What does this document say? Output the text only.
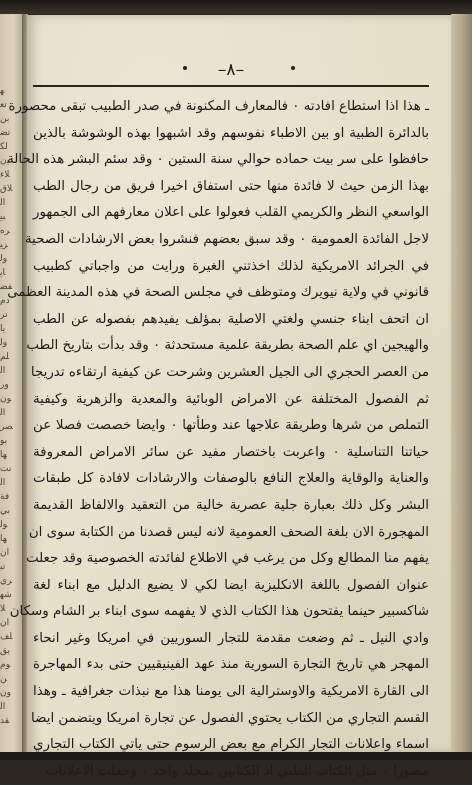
ﻬ
ﺗﻌ
ﺑﻦ
ﺗﻀ
ﻟﻜ
ﻴﻥ
ﻼﺀ
ﻼﻕ
ﺍﻟ
ﺒﻴ
ﺮﻩ
ﺰﻴ
ﻭﻟ
ﺎﻳ
ﻔﻀ
ﺩﻡ
ﺗﺮ
ﻳﺎ
ﻭﻟ
ﻠﻢ
ﺍﻟ
ﻭﺭ
ﻮﻥ
ﺍﻟ
ﺼﺮ
ﺑﻮ
ﻬﺎ
ﻧﺖ
ﺍﻟ
ﻓﺔ
ﺑﻲ
ﻮﻟ
ﻬﺎ
ﺍﻥ
ﺗﺒ
ﺮﻱ
ﺷﻬ
ﻼ
ﺍﻥ
ﻠﻒ
ﻳﻖ
ﻮﻡ
ﻦ
ﻭﻥ
ﺍﻟ
ﻘﺪ
–٨–
ـ هذا اذا استطاع افادته ٠ فالمعارف المكنونة في صدر الطبيب تبقى محصورة
بالدائرة الطبية او بين الاطباء نفوسهم وقد اشبهوا بهذه الوشوشة بالذين
حافظوا على سر بيت حماده حوالي سنة الستين ٠ وقد سئم البشر هذه الحالة
بهذا الزمن حيث لا فائدة منها حتى استفاق اخيرا فريق من رجال الطب
الواسعي النظر والكريمي القلب فعولوا على اعلان معارفهم الى الجمهور
لاجل الفائدة العمومية ٠ وقد سبق بعضهم فنشروا بعض الارشادات الصحية
في الجرائد الامريكية لذلك اخذتني الغيرة ورايت من واجباتي كطبيب
قانوني في ولاية نيويرك ومتوظف في مجلس الصحة في هذه المدينة العظمى
ان اتحف ابناء جنسي ولغتي الاصلية بمؤلف يفيدهم بفصوله عن الطب
والهيجين اي علم الصحة بطريقة علمية مستحدثة ٠ وقد بدأت بتاريخ الطب
من العصر الحجري الى الجيل العشرين وشرحت عن كيفية ارتقاءه تدريجا
ثم الفصول المختلفة عن الامراض الوبائية والمعدية والزهرية وكيفية
التملص من شرها وطريقة علاجها عند وطأتها ٠ وايضا خصصت فصلا عن
حياتنا التناسلية ٠ واعربت باختصار مفيد عن سائر الامراض المعروفة
والعناية والوقاية والعلاج النافع بالوصفات والارشادات لافادة كل طبقات
البشر وكل ذلك بعبارة جلية عصرية خالية من التعقيد والالفاظ القديمة
المهجورة الان بلغة الصحف العمومية لانه ليس قصدنا من الكتابة سوى ان
يفهم منا المطالع وكل من يرغب في الاطلاع لفائدته الخصوصية وقد جعلت
عنوان الفصول باللغة الانكليزية ايضا لكي لا يضيع الدليل مع ابناء لغة
شاكسبير حينما يفتحون هذا الكتاب الذي لا يفهمه سوى ابناء بر الشام وسكان
وادي النيل ـ ثم وضعت مقدمة للتجار السوريين في امريكا وغير انحاء
المهجر هي تاريخ التجارة السورية منذ عهد الفينيقيين حتى بدء المهاجرة
الى القارة الامريكية والاوسترالية الى يومنا هذا مع نبذات جغرافية ـ وهذا
القسم التجاري من الكتاب يحتوي الفصول عن تجارة امريكا ويتضمن ايضا
اسماء واعلانات التجار الكرام مع بعض الرسوم حتى ياتي الكتاب التجاري
مصورا ٠ مثل الكتاب الطبي اذ الكتابين بمجلد واحد ٠ وجعلت الاعلانات
